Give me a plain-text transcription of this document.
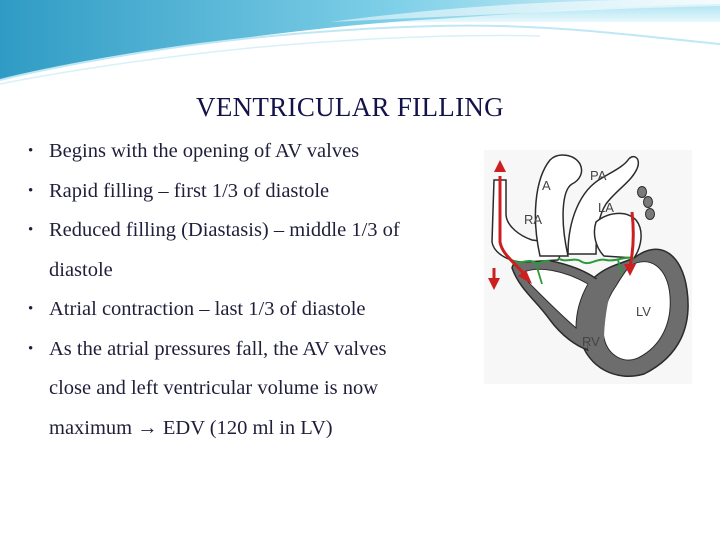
VENTRICULAR FILLING
• Begins with the opening of AV valves
• Rapid filling – first 1/3 of diastole
• Reduced filling (Diastasis) – middle 1/3 of
diastole
• Atrial contraction – last 1/3 of diastole
• As the atrial pressures fall, the AV valves
close and left ventricular volume is now
maximum → EDV (120 ml in LV)
A
PA
RA
LA
LV
RV
